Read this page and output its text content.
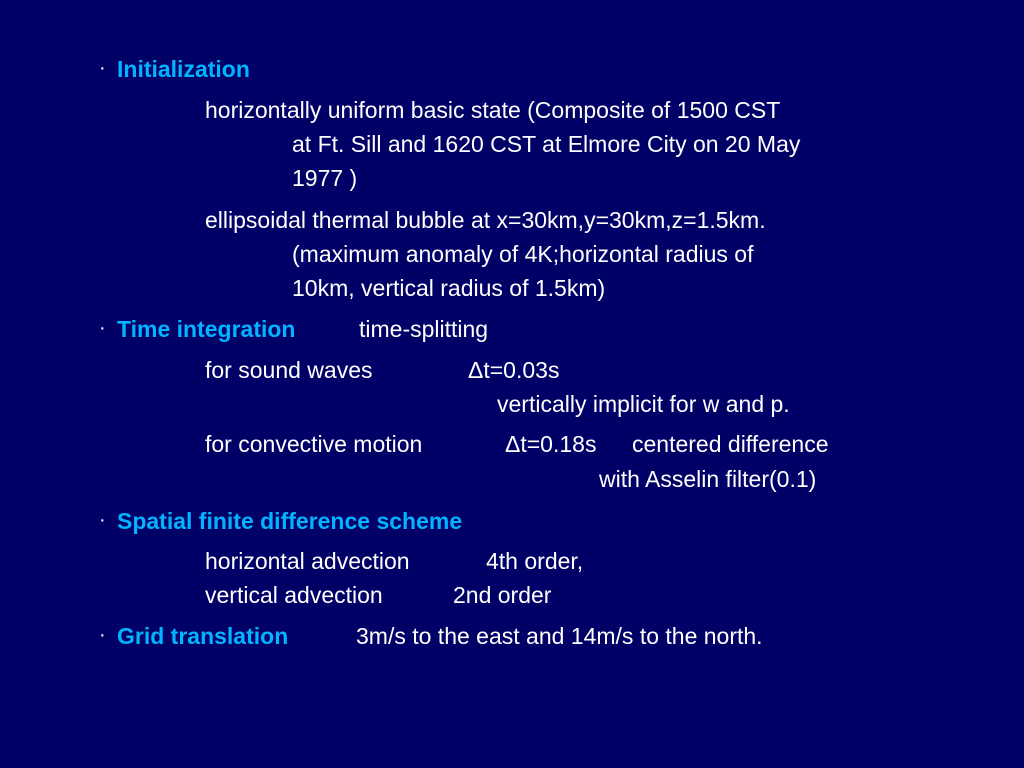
· Initialization
horizontally uniform basic state (Composite of 1500 CST
at Ft. Sill and 1620 CST at Elmore City on 20 May
1977 )
ellipsoidal thermal bubble at x=30km,y=30km,z=1.5km.
(maximum anomaly of 4K;horizontal radius of
10km, vertical radius of 1.5km)
· Time integration	time-splitting
for sound waves	Δt=0.03s
vertically implicit for w and p.
for convective motion	Δt=0.18s centered difference
with Asselin filter(0.1)
· Spatial finite difference scheme
horizontal advection	4th order,
vertical advection	2nd order
· Grid translation	3m/s to the east and 14m/s to the north.
